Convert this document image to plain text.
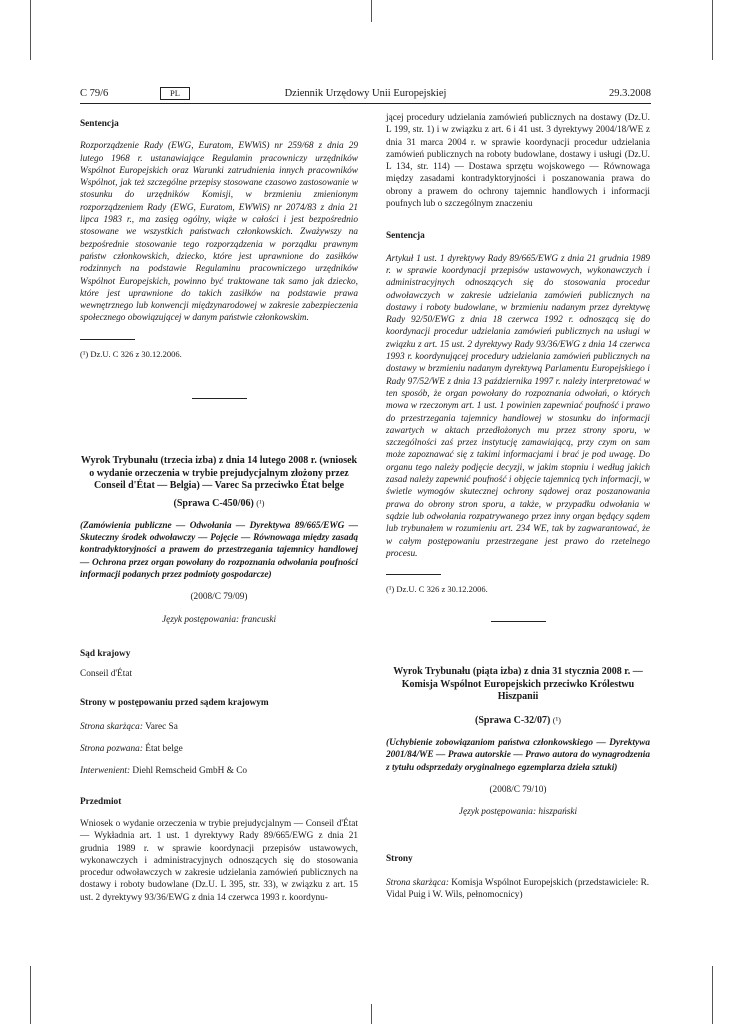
C 79/6	PL	Dziennik Urzędowy Unii Europejskiej	29.3.2008

Sentencja

Rozporządzenie Rady (EWG, Euratom, EWWiS) nr 259/68 z dnia 29 lutego 1968 r. ustanawiające Regulamin pracowniczy urzędników Wspólnot Europejskich oraz Warunki zatrudnienia innych pracowników Wspólnot, jak też szczególne przepisy stosowane czasowo zastosowanie w stosunku do urzędników Komisji, w brzmieniu zmienionym rozporządzeniem Rady (EWG, Euratom, EWWiS) nr 2074/83 z dnia 21 lipca 1983 r., ma zasięg ogólny, wiąże w całości i jest bezpośrednio stosowane we wszystkich państwach członkowskich. Zważywszy na bezpośrednie stosowanie tego rozporządzenia w porządku prawnym państw członkowskich, dziecko, które jest uprawnione do zasiłków rodzinnych na podstawie Regulaminu pracowniczego urzędników Wspólnot Europejskich, powinno być traktowane tak samo jak dziecko, które jest uprawnione do takich zasiłków na podstawie prawa wewnętrznego lub konwencji międzynarodowej w zakresie zabezpieczenia społecznego obowiązującej w danym państwie członkowskim.

(¹) Dz.U. C 326 z 30.12.2006.

Wyrok Trybunału (trzecia izba) z dnia 14 lutego 2008 r. (wniosek o wydanie orzeczenia w trybie prejudycjalnym złożony przez Conseil d'État — Belgia) — Varec Sa przeciwko État belge

(Sprawa C-450/06) (¹)

(Zamówienia publiczne — Odwołania — Dyrektywa 89/665/EWG — Skuteczny środek odwoławczy — Pojęcie — Równowaga między zasadą kontradyktoryjności a prawem do przestrzegania tajemnicy handlowej — Ochrona przez organ powołany do rozpoznania odwołania poufności informacji podanych przez podmioty gospodarcze)

(2008/C 79/09)

Język postępowania: francuski

Sąd krajowy

Conseil d'État

Strony w postępowaniu przed sądem krajowym

Strona skarżąca: Varec Sa

Strona pozwana: État belge

Interwenient: Diehl Remscheid GmbH & Co

Przedmiot

Wniosek o wydanie orzeczenia w trybie prejudycjalnym — Conseil d'État — Wykładnia art. 1 ust. 1 dyrektywy Rady 89/665/EWG z dnia 21 grudnia 1989 r. w sprawie koordynacji przepisów ustawowych, wykonawczych i administracyjnych odnoszących się do stosowania procedur odwoławczych w zakresie udzielania zamówień publicznych na dostawy i roboty budowlane (Dz.U. L 395, str. 33), w związku z art. 15 ust. 2 dyrektywy 93/36/EWG z dnia 14 czerwca 1993 r. koordynu-

jącej procedury udzielania zamówień publicznych na dostawy (Dz.U. L 199, str. 1) i w związku z art. 6 i 41 ust. 3 dyrektywy 2004/18/WE z dnia 31 marca 2004 r. w sprawie koordynacji procedur udzielania zamówień publicznych na roboty budowlane, dostawy i usługi (Dz.U. L 134, str. 114) — Dostawa sprzętu wojskowego — Równowaga między zasadami kontradyktoryjności i poszanowania prawa do obrony a prawem do ochrony tajemnic handlowych i informacji poufnych lub o szczególnym znaczeniu

Sentencja

Artykuł 1 ust. 1 dyrektywy Rady 89/665/EWG z dnia 21 grudnia 1989 r. w sprawie koordynacji przepisów ustawowych, wykonawczych i administracyjnych odnoszących się do stosowania procedur odwoławczych w zakresie udzielania zamówień publicznych na dostawy i roboty budowlane, w brzmieniu nadanym przez dyrektywę Rady 92/50/EWG z dnia 18 czerwca 1992 r. odnoszącą się do koordynacji procedur udzielania zamówień publicznych na usługi w związku z art. 15 ust. 2 dyrektywy Rady 93/36/EWG z dnia 14 czerwca 1993 r. koordynującej procedury udzielania zamówień publicznych na dostawy w brzmieniu nadanym dyrektywą Parlamentu Europejskiego i Rady 97/52/WE z dnia 13 października 1997 r. należy interpretować w ten sposób, że organ powołany do rozpoznania odwołań, o których mowa w rzeczonym art. 1 ust. 1 powinien zapewniać poufność i prawo do przestrzegania tajemnicy handlowej w stosunku do informacji zawartych w aktach przedłożonych mu przez strony sporu, w szczególności zaś przez instytucję zamawiającą, przy czym on sam może zapoznawać się z takimi informacjami i brać je pod uwagę. Do organu tego należy podjęcie decyzji, w jakim stopniu i według jakich zasad należy zapewnić poufność i objęcie tajemnicą tych informacji, w świetle wymogów skutecznej ochrony sądowej oraz poszanowania prawa do obrony stron sporu, a także, w przypadku odwołania w sądzie lub odwołania rozpatrywanego przez inny organ będący sądem lub trybunałem w rozumieniu art. 234 WE, tak by zagwarantować, że w całym postępowaniu przestrzegane jest prawo do rzetelnego procesu.

(¹) Dz.U. C 326 z 30.12.2006.

Wyrok Trybunału (piąta izba) z dnia 31 stycznia 2008 r. — Komisja Wspólnot Europejskich przeciwko Królestwu Hiszpanii

(Sprawa C-32/07) (¹)

(Uchybienie zobowiązaniom państwa członkowskiego — Dyrektywa 2001/84/WE — Prawa autorskie — Prawo autora do wynagrodzenia z tytułu odsprzedaży oryginalnego egzemplarza dzieła sztuki)

(2008/C 79/10)

Język postępowania: hiszpański

Strony

Strona skarżąca: Komisja Wspólnot Europejskich (przedstawiciele: R. Vidal Puig i W. Wils, pełnomocnicy)
